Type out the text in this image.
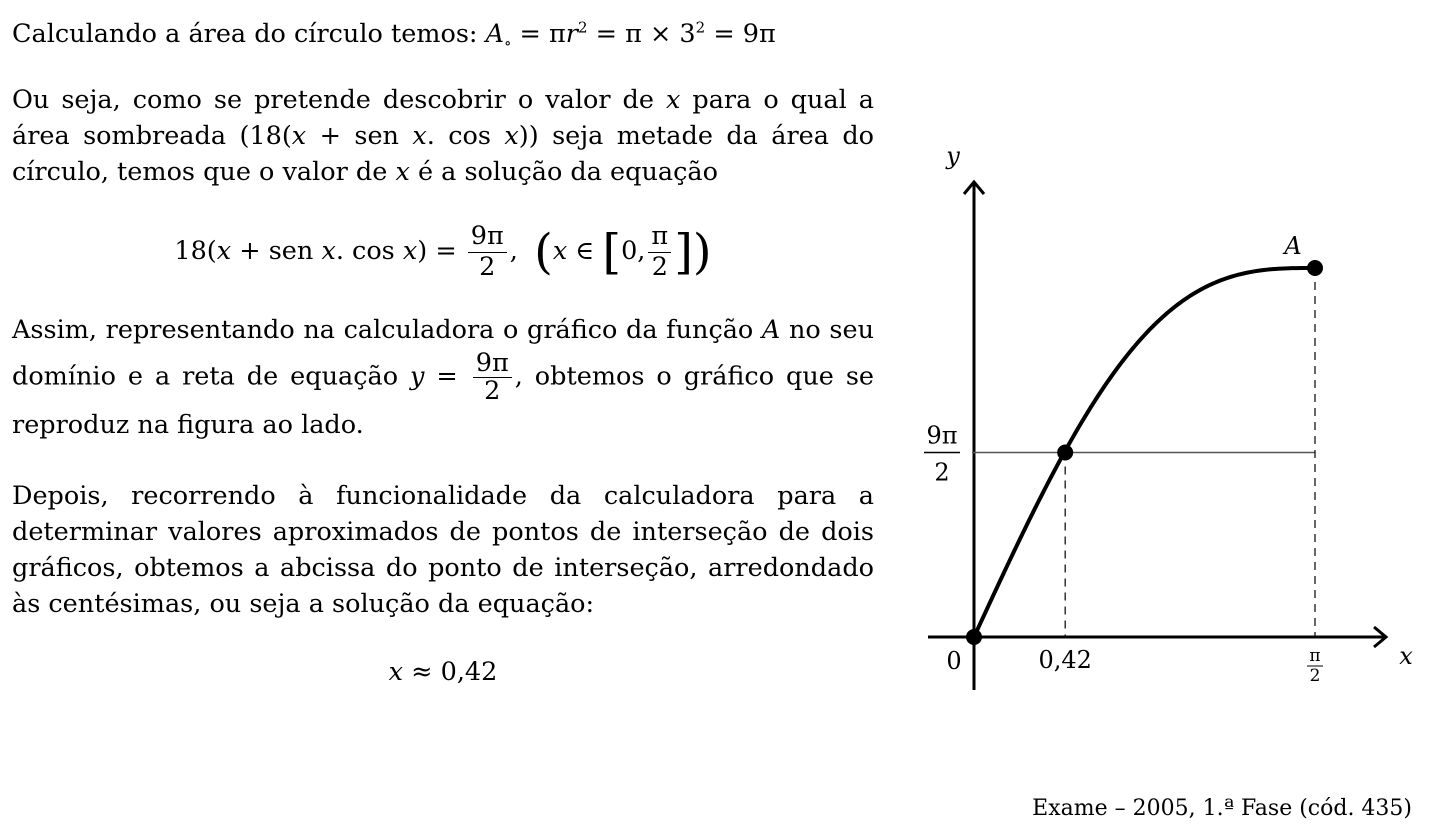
Calculando a área do círculo temos: $A_\circ = \pi r^2 = \pi \times 3^2 = 9\pi$

Ou seja, como se pretende descobrir o valor de x para o qual a área sombreada (18(x + sen x. cos x)) seja metade da área do círculo, temos que o valor de x é a solução da equação

18(x + sen x. $\cos x) = \frac{9\pi}{2}$ , (x ∈ [0, $\frac{\pi}{2}$ ])

Assim, representando na calculadora o gráfico da função A no seu domínio e a reta de equação $y = \frac{9\pi}{2}$ , obtemos o gráfico que se reproduz na figura ao lado.

Depois, recorrendo à funcionalidade da calculadora para a determinar valores aproximados de pontos de interseção de dois gráficos, obtemos a abcissa do ponto de interseção, arredondado às centésimas, ou seja a solução da equação:

x ≈ 0,42
y
x
0
9π
2
0,42	π
2
A
Exame – 2005, 1.ª Fase (cód. 435)
